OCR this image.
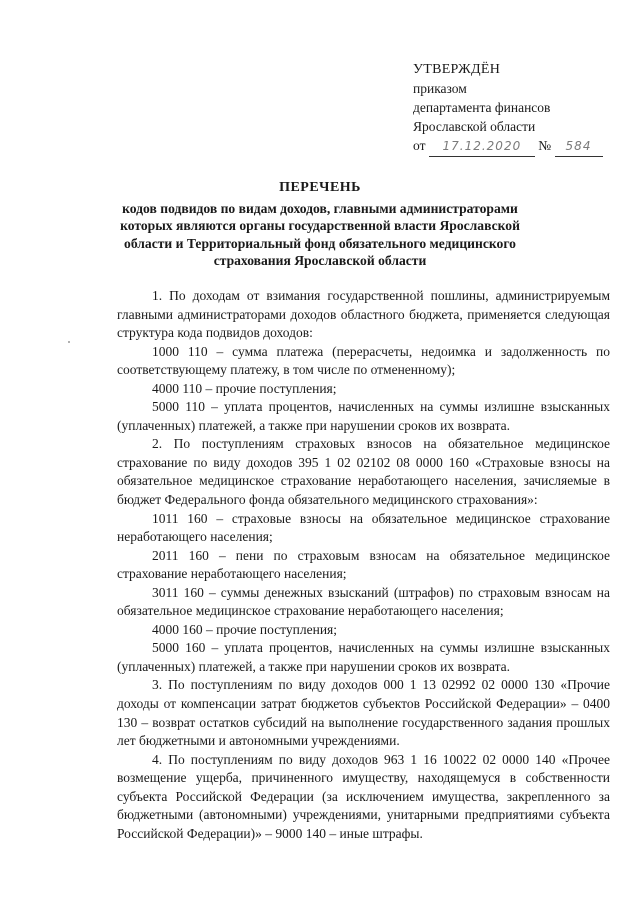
УТВЕРЖДЁН
приказом
департамента финансов
Ярославской области
от 17.12.2020 № 584
ПЕРЕЧЕНЬ
кодов подвидов по видам доходов, главными администраторами которых являются органы государственной власти Ярославской области и Территориальный фонд обязательного медицинского страхования Ярославской области

1. По доходам от взимания государственной пошлины, администрируемым главными администраторами доходов областного бюджета, применяется следующая структура кода подвидов доходов:

1000 110 – сумма платежа (перерасчеты, недоимка и задолженность по соответствующему платежу, в том числе по отмененному);

4000 110 – прочие поступления;

5000 110 – уплата процентов, начисленных на суммы излишне взысканных (уплаченных) платежей, а также при нарушении сроков их возврата.

2. По поступлениям страховых взносов на обязательное медицинское страхование по виду доходов 395 1 02 02102 08 0000 160 «Страховые взносы на обязательное медицинское страхование неработающего населения, зачисляемые в бюджет Федерального фонда обязательного медицинского страхования»:

1011 160 – страховые взносы на обязательное медицинское страхование неработающего населения;

2011 160 – пени по страховым взносам на обязательное медицинское страхование неработающего населения;

3011 160 – суммы денежных взысканий (штрафов) по страховым взносам на обязательное медицинское страхование неработающего населения;

4000 160 – прочие поступления;

5000 160 – уплата процентов, начисленных на суммы излишне взысканных (уплаченных) платежей, а также при нарушении сроков их возврата.

3. По поступлениям по виду доходов 000 1 13 02992 02 0000 130 «Прочие доходы от компенсации затрат бюджетов субъектов Российской Федерации» – 0400 130 – возврат остатков субсидий на выполнение государственного задания прошлых лет бюджетными и автономными учреждениями.

4. По поступлениям по виду доходов 963 1 16 10022 02 0000 140 «Прочее возмещение ущерба, причиненного имуществу, находящемуся в собственности субъекта Российской Федерации (за исключением имущества, закрепленного за бюджетными (автономными) учреждениями, унитарными предприятиями субъекта Российской Федерации)» – 9000 140 – иные штрафы.
